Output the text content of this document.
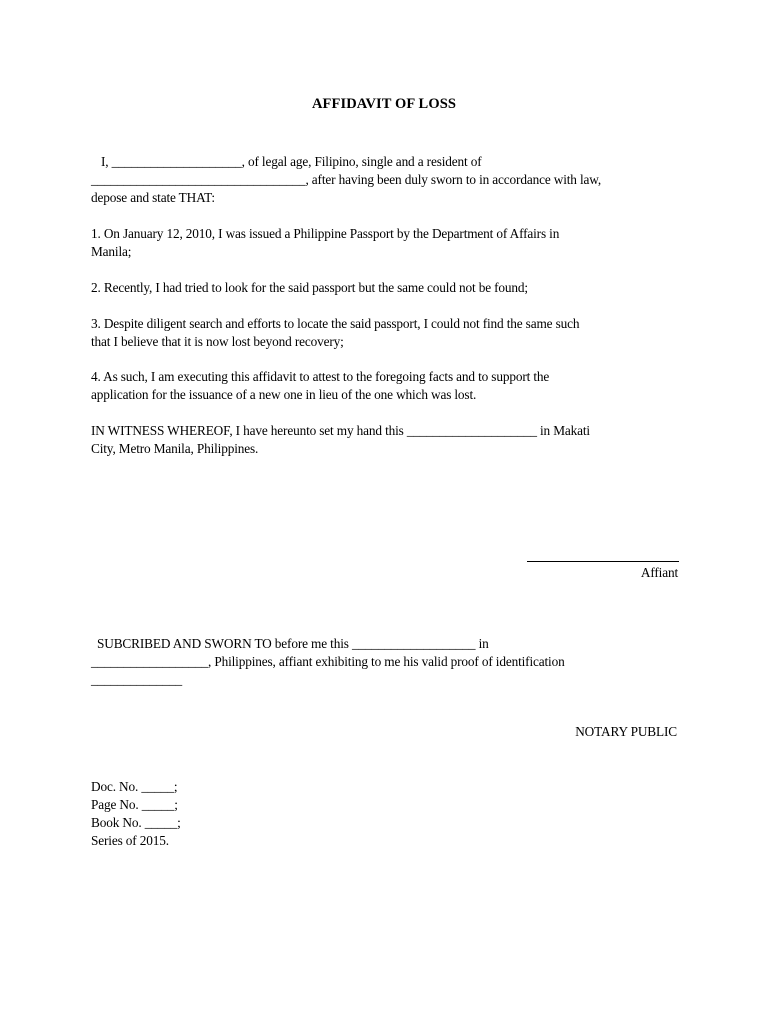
AFFIDAVIT OF LOSS
I, ____________________, of legal age, Filipino, single and a resident of
_________________________________, after having been duly sworn to in accordance with law,
depose and state THAT:
1. On January 12, 2010, I was issued a Philippine Passport by the Department of Affairs in
Manila;
2. Recently, I had tried to look for the said passport but the same could not be found;
3. Despite diligent search and efforts to locate the said passport, I could not find the same such
that I believe that it is now lost beyond recovery;
4. As such, I am executing this affidavit to attest to the foregoing facts and to support the
application for the issuance of a new one in lieu of the one which was lost.
IN WITNESS WHEREOF, I have hereunto set my hand this ____________________ in Makati
City, Metro Manila, Philippines.
Affiant
SUBCRIBED AND SWORN TO before me this ___________________ in
__________________, Philippines, affiant exhibiting to me his valid proof of identification
______________
NOTARY PUBLIC
Doc. No. _____;
Page No. _____;
Book No. _____;
Series of 2015.
